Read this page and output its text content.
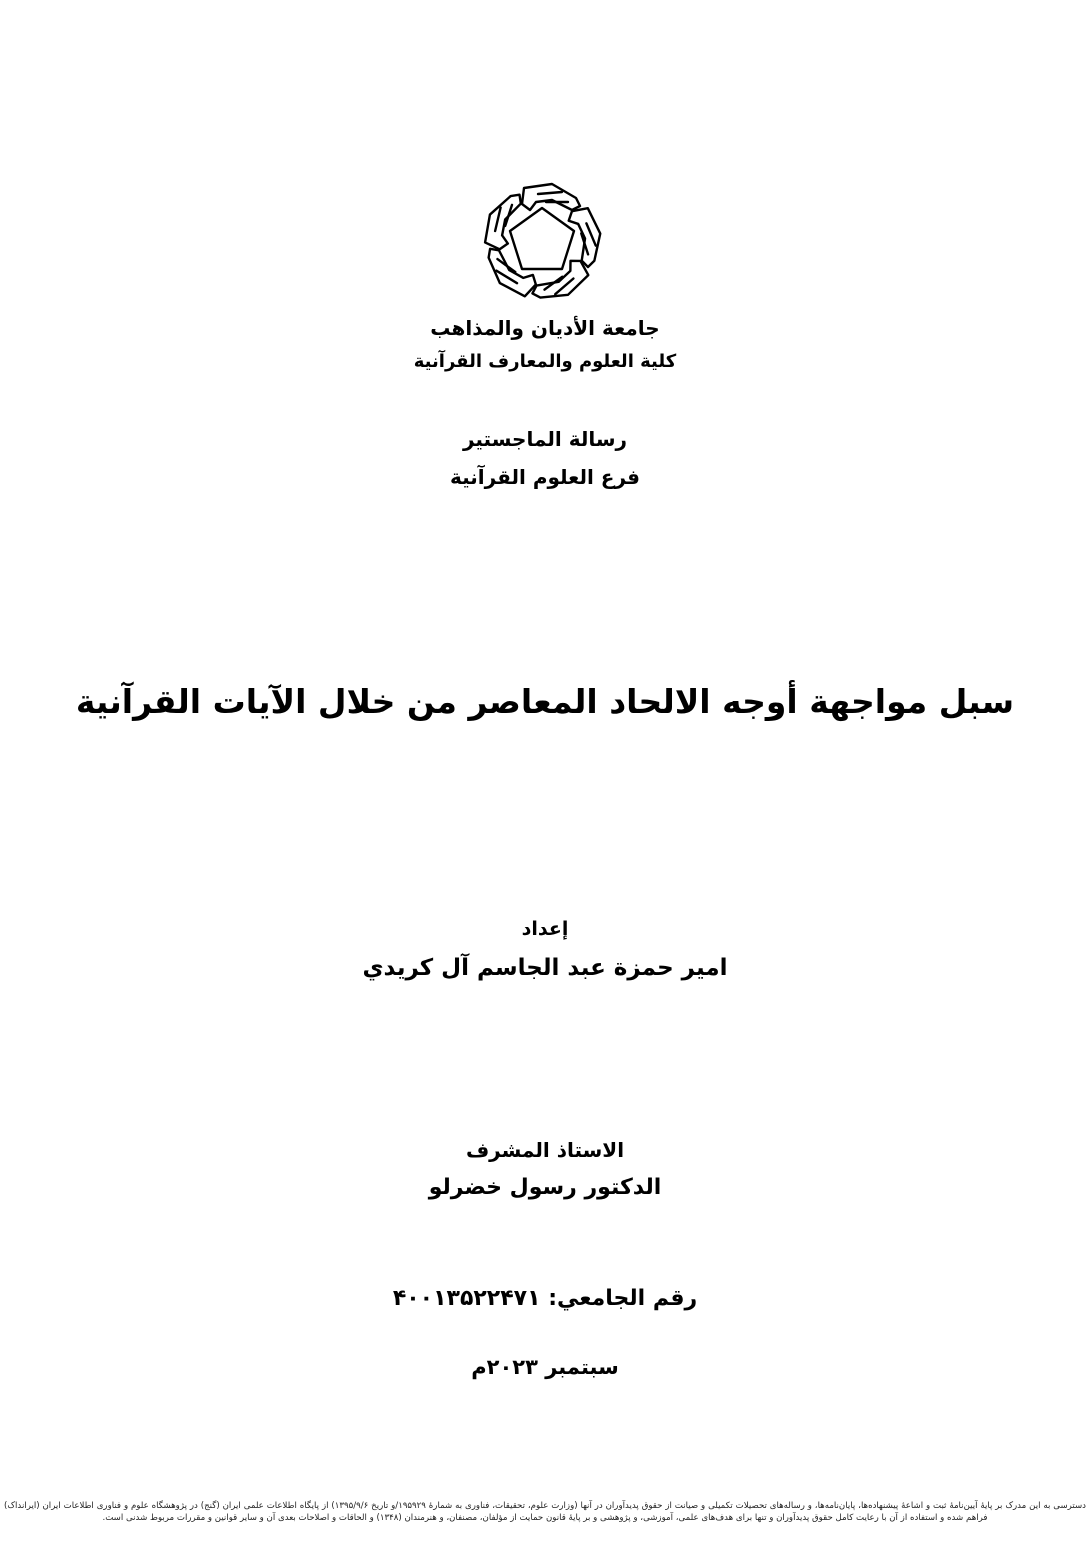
جامعة الأديان والمذاهب
كلية العلوم والمعارف القرآنية
رسالة الماجستير
فرع العلوم القرآنية
سبل مواجهة أوجه الالحاد المعاصر من خلال الآيات القرآنية
إعداد
امير حمزة عبد الجاسم آل كريدي
الاستاذ المشرف
الدكتور رسول خضرلو
رقم الجامعي: ۴۰۰۱۳۵۲۲۴۷۱
سبتمبر ۲۰۲۳م
دسترسی به این مدرک بر پایهٔ آیین‌نامهٔ ثبت و اشاعهٔ پیشنهاده‌ها، پایان‌نامه‌ها، و رساله‌های تحصیلات تکمیلی و صیانت از حقوق پدیدآوران در آنها (وزارت علوم، تحقیقات، فناوری به شمارهٔ ۱۹۵۹۲۹/و تاریخ ۱۳۹۵/۹/۶) از پایگاه اطلاعات علمی ایران (گنج) در پژوهشگاه علوم و فناوری اطلاعات ایران (ایرانداک) فراهم شده و استفاده از آن با رعایت کامل حقوق پدیدآوران و تنها برای هدف‌های علمی، آموزشی، و پژوهشی و بر پایهٔ قانون حمایت از مؤلفان، مصنفان، و هنرمندان (۱۳۴۸) و الحاقات و اصلاحات بعدی آن و سایر قوانین و مقررات مربوط شدنی است.
